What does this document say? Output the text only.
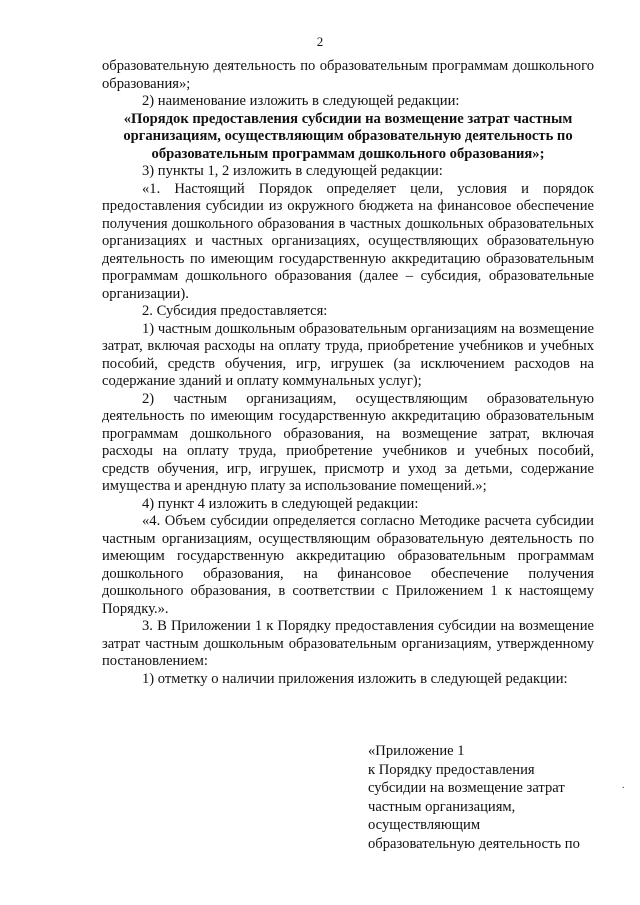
2

образовательную деятельность по образовательным программам дошкольного образования»;

2) наименование изложить в следующей редакции:

«Порядок предоставления субсидии на возмещение затрат частным организациям, осуществляющим образовательную деятельность по образовательным программам дошкольного образования»;

3) пункты 1, 2 изложить в следующей редакции:

«1. Настоящий Порядок определяет цели, условия и порядок предоставления субсидии из окружного бюджета на финансовое обеспечение получения дошкольного образования в частных дошкольных образовательных организациях и частных организациях, осуществляющих образовательную деятельность по имеющим государственную аккредитацию образовательным программам дошкольного образования (далее – субсидия, образовательные организации).

2. Субсидия предоставляется:

1) частным дошкольным образовательным организациям на возмещение затрат, включая расходы на оплату труда, приобретение учебников и учебных пособий, средств обучения, игр, игрушек (за исключением расходов на содержание зданий и оплату коммунальных услуг);

2) частным организациям, осуществляющим образовательную деятельность по имеющим государственную аккредитацию образовательным программам дошкольного образования, на возмещение затрат, включая расходы на оплату труда, приобретение учебников и учебных пособий, средств обучения, игр, игрушек, присмотр и уход за детьми, содержание имущества и арендную плату за использование помещений.»;

4) пункт 4 изложить в следующей редакции:

«4. Объем субсидии определяется согласно Методике расчета субсидии частным организациям, осуществляющим образовательную деятельность по имеющим государственную аккредитацию образовательным программам дошкольного образования, на финансовое обеспечение получения дошкольного образования, в соответствии с Приложением 1 к настоящему Порядку.».

3. В Приложении 1 к Порядку предоставления субсидии на возмещение затрат частным дошкольным образовательным организациям, утвержденному постановлением:

1) отметку о наличии приложения изложить в следующей редакции:

«Приложение 1
к Порядку предоставления
субсидии на возмещение затрат
частным организациям,
осуществляющим
образовательную деятельность по
.
